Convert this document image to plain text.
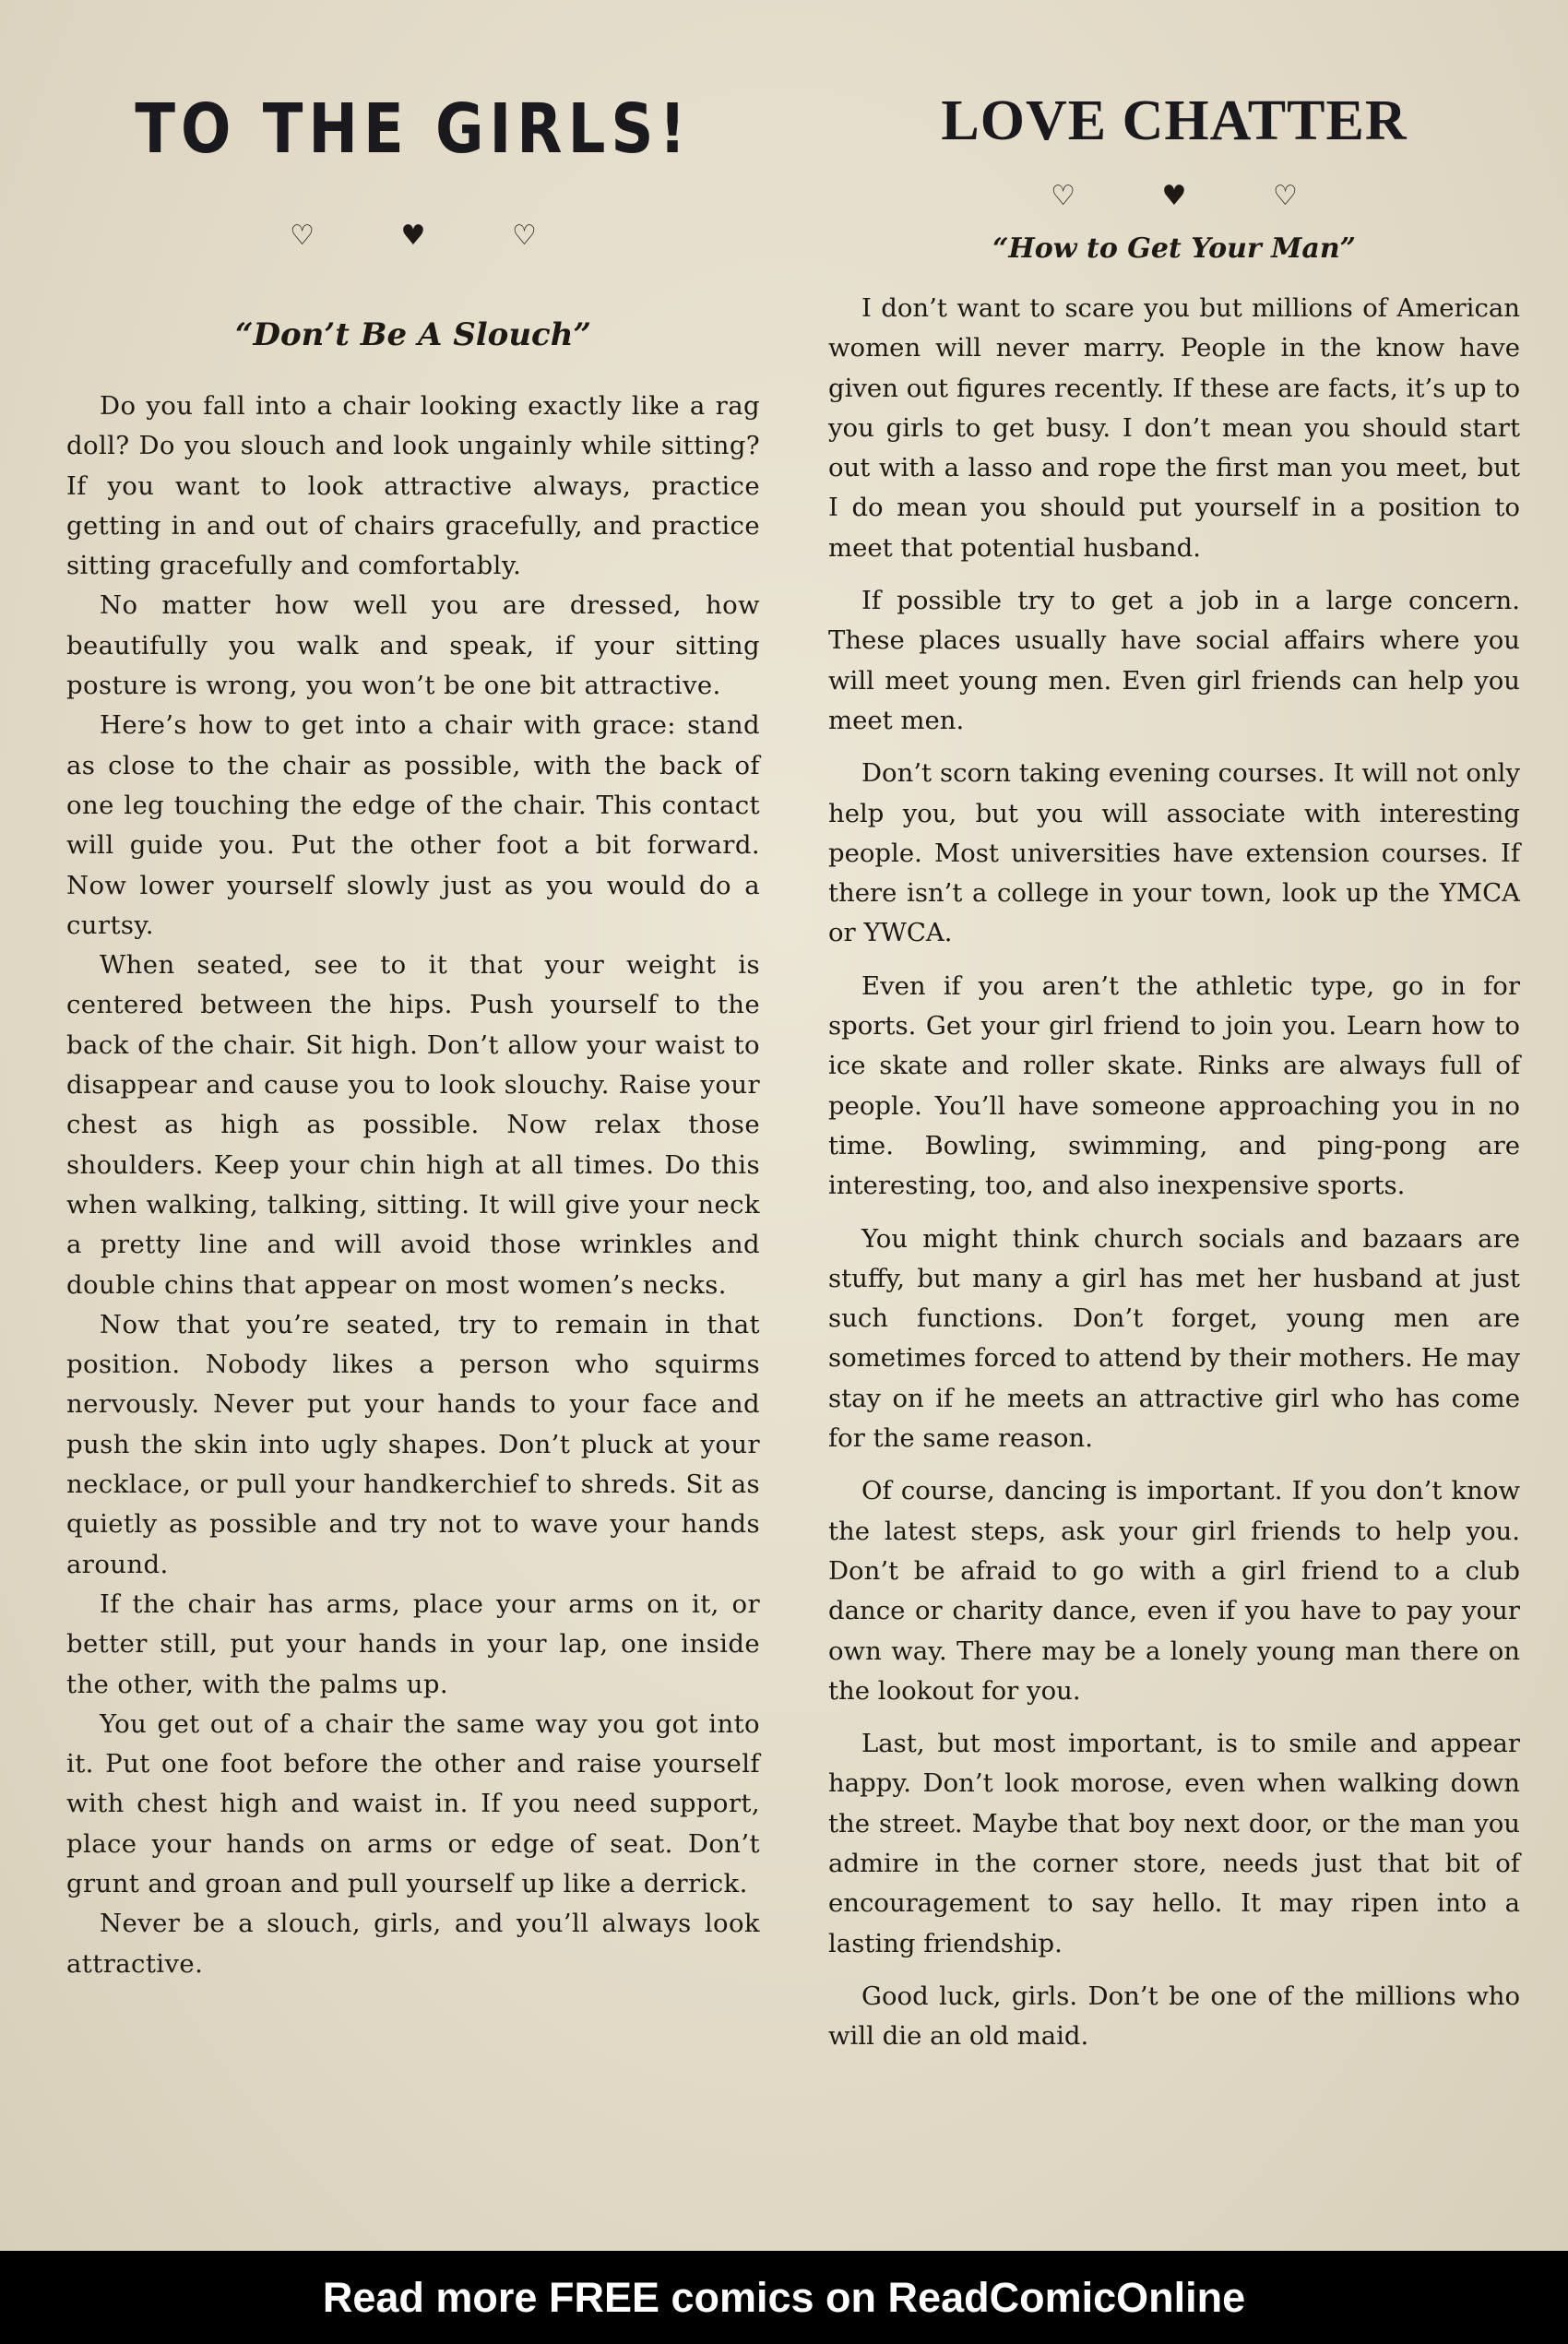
TO THE GIRLS!
♡	♥	♡
“Don’t Be A Slouch”

Do you fall into a chair looking exactly like a rag doll? Do you slouch and look ungainly while sitting? If you want to look attractive always, practice getting in and out of chairs gracefully, and practice sitting gracefully and comfortably.

No matter how well you are dressed, how beautifully you walk and speak, if your sitting posture is wrong, you won’t be one bit attractive.

Here’s how to get into a chair with grace: stand as close to the chair as possible, with the back of one leg touching the edge of the chair. This contact will guide you. Put the other foot a bit forward. Now lower yourself slowly just as you would do a curtsy.

When seated, see to it that your weight is centered between the hips. Push yourself to the back of the chair. Sit high. Don’t allow your waist to disappear and cause you to look slouchy. Raise your chest as high as possible. Now relax those shoulders. Keep your chin high at all times. Do this when walking, talking, sitting. It will give your neck a pretty line and will avoid those wrinkles and double chins that appear on most women’s necks.

Now that you’re seated, try to remain in that position. Nobody likes a person who squirms nervously. Never put your hands to your face and push the skin into ugly shapes. Don’t pluck at your necklace, or pull your handkerchief to shreds. Sit as quietly as possible and try not to wave your hands around.

If the chair has arms, place your arms on it, or better still, put your hands in your lap, one inside the other, with the palms up.

You get out of a chair the same way you got into it. Put one foot before the other and raise yourself with chest high and waist in. If you need support, place your hands on arms or edge of seat. Don’t grunt and groan and pull yourself up like a derrick.

Never be a slouch, girls, and you’ll always look attractive.

LOVE CHATTER
♡	♥	♡
“How to Get Your Man”

I don’t want to scare you but millions of American women will never marry. People in the know have given out figures recently. If these are facts, it’s up to you girls to get busy. I don’t mean you should start out with a lasso and rope the first man you meet, but I do mean you should put yourself in a position to meet that potential husband.

If possible try to get a job in a large concern. These places usually have social affairs where you will meet young men. Even girl friends can help you meet men.

Don’t scorn taking evening courses. It will not only help you, but you will associate with interesting people. Most universities have extension courses. If there isn’t a college in your town, look up the YMCA or YWCA.

Even if you aren’t the athletic type, go in for sports. Get your girl friend to join you. Learn how to ice skate and roller skate. Rinks are always full of people. You’ll have someone approaching you in no time. Bowling, swimming, and ping-pong are interesting, too, and also inexpensive sports.

You might think church socials and bazaars are stuffy, but many a girl has met her husband at just such functions. Don’t forget, young men are sometimes forced to attend by their mothers. He may stay on if he meets an attractive girl who has come for the same reason.

Of course, dancing is important. If you don’t know the latest steps, ask your girl friends to help you. Don’t be afraid to go with a girl friend to a club dance or charity dance, even if you have to pay your own way. There may be a lonely young man there on the lookout for you.

Last, but most important, is to smile and appear happy. Don’t look morose, even when walking down the street. Maybe that boy next door, or the man you admire in the corner store, needs just that bit of encouragement to say hello. It may ripen into a lasting friendship.

Good luck, girls. Don’t be one of the millions who will die an old maid.

Read more FREE comics on ReadComicOnline
